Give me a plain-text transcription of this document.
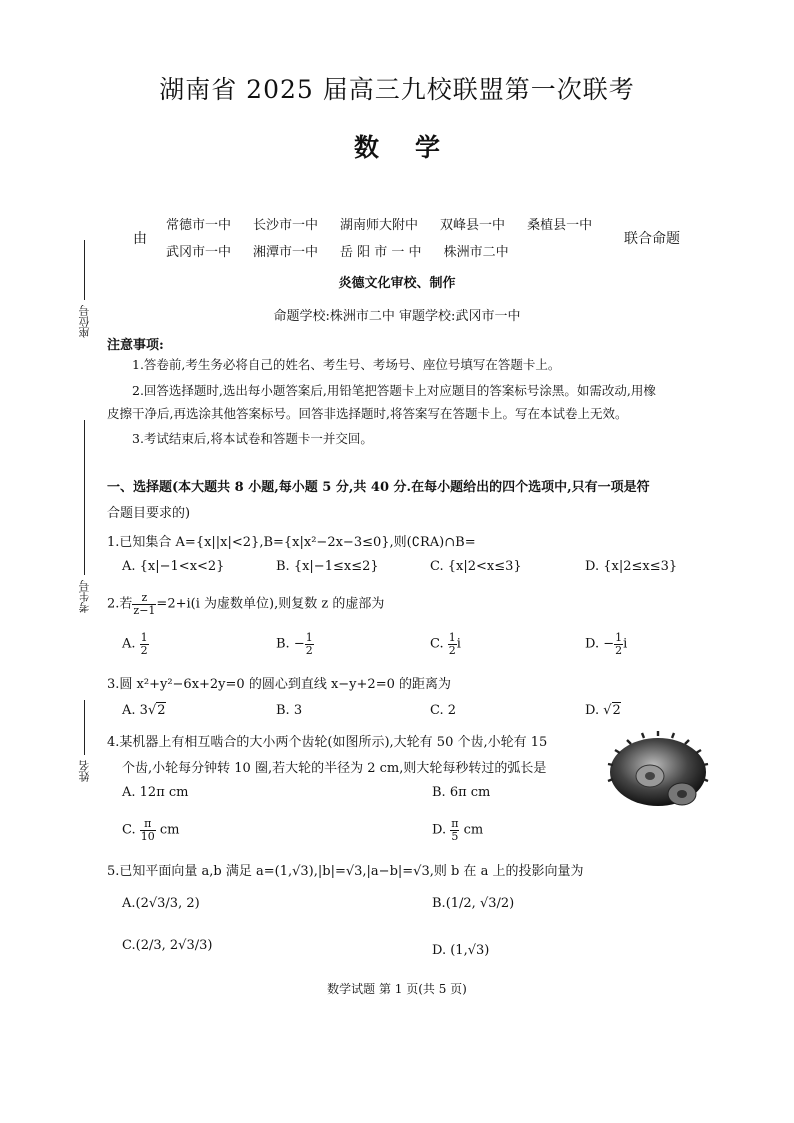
湖南省 2025 届高三九校联盟第一次联考
数学
由
常德市一中 长沙市一中 湖南师大附中 双峰县一中 桑植县一中
武冈市一中 湘潭市一中 岳 阳 市 一 中 株洲市二中
联合命题
炎德文化审校、制作
命题学校:株洲市二中 审题学校:武冈市一中
座位号
考生号
姓名
注意事项:
1.答卷前,考生务必将自己的姓名、考生号、考场号、座位号填写在答题卡上。
2.回答选择题时,选出每小题答案后,用铅笔把答题卡上对应题目的答案标号涂黑。如需改动,用橡
皮擦干净后,再选涂其他答案标号。回答非选择题时,将答案写在答题卡上。写在本试卷上无效。
3.考试结束后,将本试卷和答题卡一并交回。
一、选择题(本大题共 8 小题,每小题 5 分,共 40 分.在每小题给出的四个选项中,只有一项是符
合题目要求的)
1.已知集合 A={x||x|<2},B={x|x²−2x−3≤0},则(∁RA)∩B=
A. {x|−1<x<2}	B. {x|−1≤x≤2}	C. {x|2<x≤3}	D. {x|2≤x≤3}
2.若 $\frac{z}{z-1} =2+i(i$ 为虚数单位),则复数 z 的虚部为
A. $\frac{1}{2}$	B. − $\frac{1}{2}$	C. $\frac{1}{2}$ i	D. − $\frac{1}{2}$ i
3.圆 x²+y²−6x+2y=0 的圆心到直线 x−y+2=0 的距离为
A. 3√2	B. 3	C. 2	D. √2
4.某机器上有相互啮合的大小两个齿轮(如图所示),大轮有 50 个齿,小轮有 15
个齿,小轮每分钟转 10 圈,若大轮的半径为 2 cm,则大轮每秒转过的弧长是
A. 12π cm	B. 6π cm
C. $\frac{\pi}{10}$ cm	D. $\frac{\pi}{5}$ cm
5.已知平面向量 a,b 满足 a=(1,√3),|b|=√3,|a−b|=√3,则 b 在 a 上的投影向量为
A.(2√3/3, 2)	B.(1/2, √3/2)
C.(2/3, 2√3/3)	D. (1,√3)
数学试题 第 1 页(共 5 页)
